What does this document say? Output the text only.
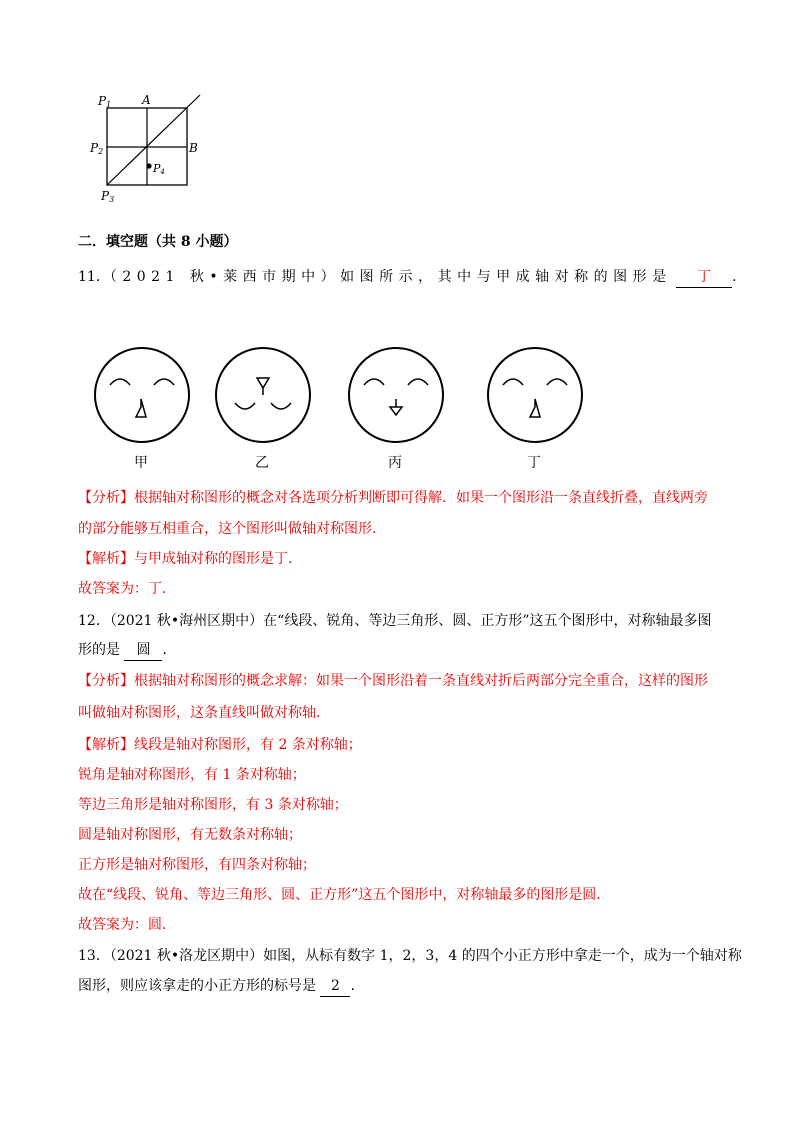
P1	A
P2	B
P4
P3
二．填空题（共 8 小题）
11．（2021 秋•莱西市期中）如图所示，其中与甲成轴对称的图形是 丁 .
甲	乙	丙	丁
【分析】根据轴对称图形的概念对各选项分析判断即可得解．如果一个图形沿一条直线折叠，直线两旁
的部分能够互相重合，这个图形叫做轴对称图形．
【解析】与甲成轴对称的图形是丁．
故答案为：丁．
12．（2021 秋•海州区期中）在“线段、锐角、等边三角形、圆、正方形”这五个图形中，对称轴最多图
形的是 圆 .
【分析】根据轴对称图形的概念求解：如果一个图形沿着一条直线对折后两部分完全重合，这样的图形
叫做轴对称图形，这条直线叫做对称轴．
【解析】线段是轴对称图形，有 2 条对称轴；
锐角是轴对称图形，有 1 条对称轴；
等边三角形是轴对称图形，有 3 条对称轴；
圆是轴对称图形，有无数条对称轴；
正方形是轴对称图形，有四条对称轴；
故在“线段、锐角、等边三角形、圆、正方形”这五个图形中，对称轴最多的图形是圆．
故答案为：圆．
13．（2021 秋•洛龙区期中）如图，从标有数字 1，2，3，4 的四个小正方形中拿走一个，成为一个轴对称
图形，则应该拿走的小正方形的标号是 2 .
